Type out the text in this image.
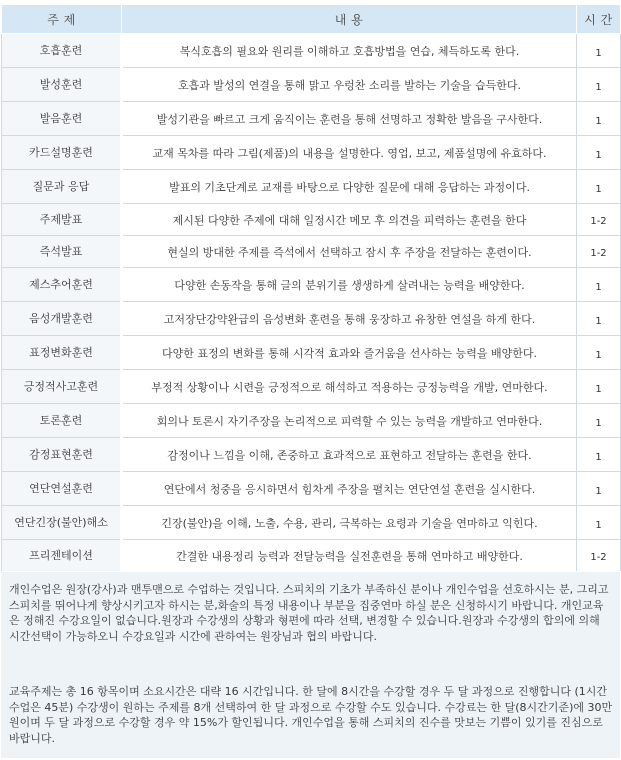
주 제	내 용	시 간
호흡훈련	복식호흡의 필요와 원리를 이해하고 호흡방법을 연습, 체득하도록 한다.	1
발성훈련	호흡과 발성의 연결을 통해 맑고 우렁찬 소리를 발하는 기술을 습득한다.	1
발음훈련	발성기관을 빠르고 크게 움직이는 훈련을 통해 선명하고 정확한 발음을 구사한다.	1
카드설명훈련	교재 목차를 따라 그림(제품)의 내용을 설명한다. 영업, 보고, 제품설명에 유효하다.	1
질문과 응답	발표의 기초단계로 교재를 바탕으로 다양한 질문에 대해 응답하는 과정이다.	1
주제발표	제시된 다양한 주제에 대해 일정시간 메모 후 의견을 피력하는 훈련을 한다	1-2
즉석발표	현실의 방대한 주제를 즉석에서 선택하고 잠시 후 주장을 전달하는 훈련이다.	1-2
제스추어훈련	다양한 손동작을 통해 글의 분위기를 생생하게 살려내는 능력을 배양한다.	1
음성개발훈련	고저장단강약완급의 음성변화 훈련을 통해 웅장하고 유창한 연설을 하게 한다.	1
표정변화훈련	다양한 표정의 변화를 통해 시각적 효과와 즐거움을 선사하는 능력을 배양한다.	1
긍정적사고훈련	부정적 상황이나 시련을 긍정적으로 해석하고 적용하는 긍정능력을 개발, 연마한다.	1
토론훈련	회의나 토론시 자기주장을 논리적으로 피력할 수 있는 능력을 개발하고 연마한다.	1
감정표현훈련	감정이나 느낌을 이해, 존중하고 효과적으로 표현하고 전달하는 훈련을 한다.	1
연단연설훈련	연단에서 청중을 응시하면서 힘차게 주장을 펼치는 연단연설 훈련을 실시한다.	1
연단긴장(불안)해소	긴장(불안)을 이해, 노출, 수용, 관리, 극복하는 요령과 기술을 연마하고 익힌다.	1
프리젠테이션	간결한 내용정리 능력과 전달능력을 실전훈련을 통해 연마하고 배양한다.	1-2

개인수업은 원장(강사)과 맨투맨으로 수업하는 것입니다. 스피치의 기초가 부족하신 분이나 개인수업을 선호하시는 분, 그리고 스피치를 뛰어나게 향상시키고자 하시는 분,화술의 특정 내용이나 부분을 집중연마 하실 분은 신청하시기 바랍니다. 개인교육은 정해진 수강요일이 없습니다.원장과 수강생의 상황과 형편에 따라 선택, 변경할 수 있습니다.원장과 수강생의 합의에 의해 시간선택이 가능하오니 수강요일과 시간에 관하여는 원장님과 협의 바랍니다.

교육주제는 총 16 항목이며 소요시간은 대략 16 시간입니다. 한 달에 8시간을 수강할 경우 두 달 과정으로 진행합니다 (1시간수업은 45분) 수강생이 원하는 주제를 8개 선택하여 한 달 과정으로 수강할 수도 있습니다. 수강료는 한 달(8시간기준)에 30만원이며 두 달 과정으로 수강할 경우 약 15%가 할인됩니다. 개인수업을 통해 스피치의 진수를 맛보는 기쁨이 있기를 진심으로 바랍니다.
